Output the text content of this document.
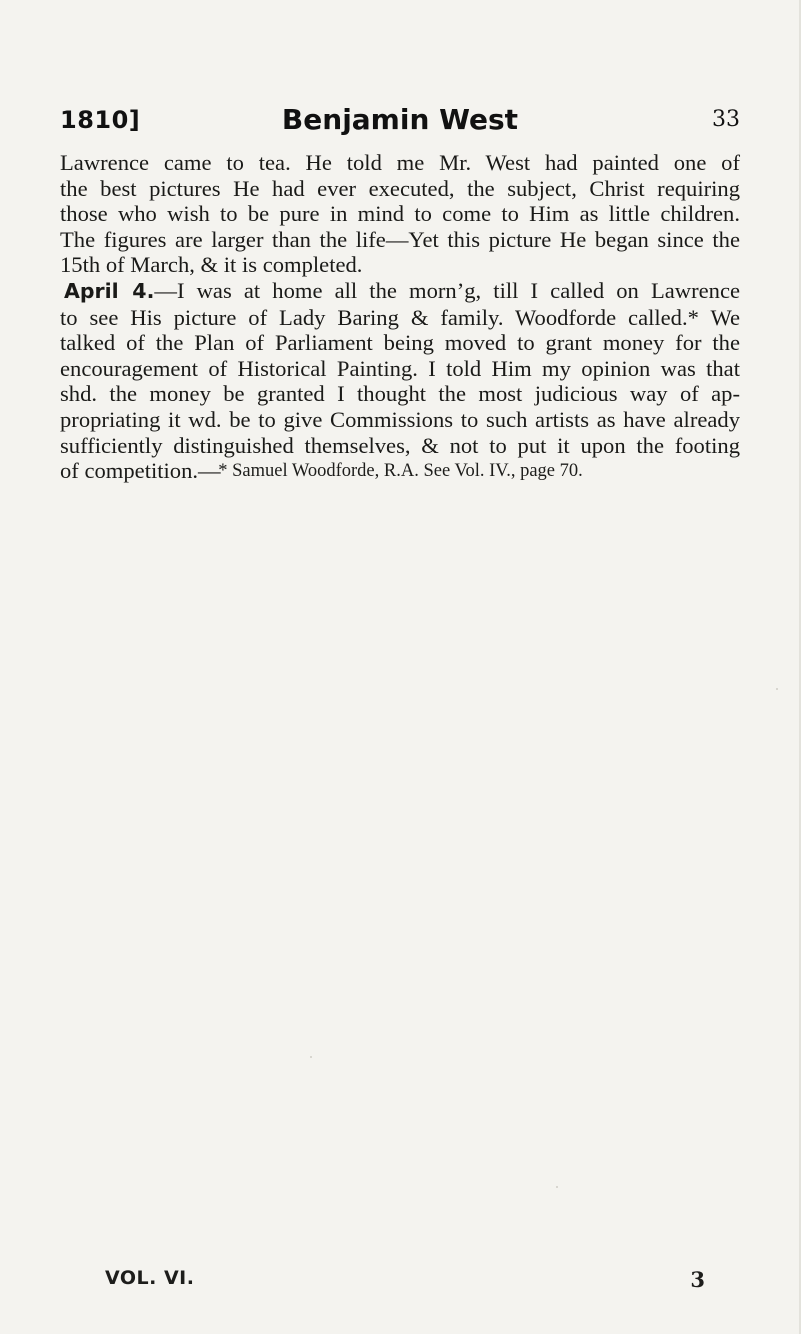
1810]	Benjamin West	33
Lawrence came to tea. He told me Mr. West had painted one of
the best pictures He had ever executed, the subject, Christ requiring
those who wish to be pure in mind to come to Him as little children.
The figures are larger than the life—Yet this picture He began since the
15th of March, & it is completed.
April 4.—I was at home all the morn’g, till I called on Lawrence
to see His picture of Lady Baring & family. Woodforde called.* We
talked of the Plan of Parliament being moved to grant money for the
encouragement of Historical Painting. I told Him my opinion was that
shd. the money be granted I thought the most judicious way of ap-
propriating it wd. be to give Commissions to such artists as have already
sufficiently distinguished themselves, & not to put it upon the footing
of competition.—
* Samuel Woodforde, R.A. See Vol. IV., page 70.
VOL. VI.	3
